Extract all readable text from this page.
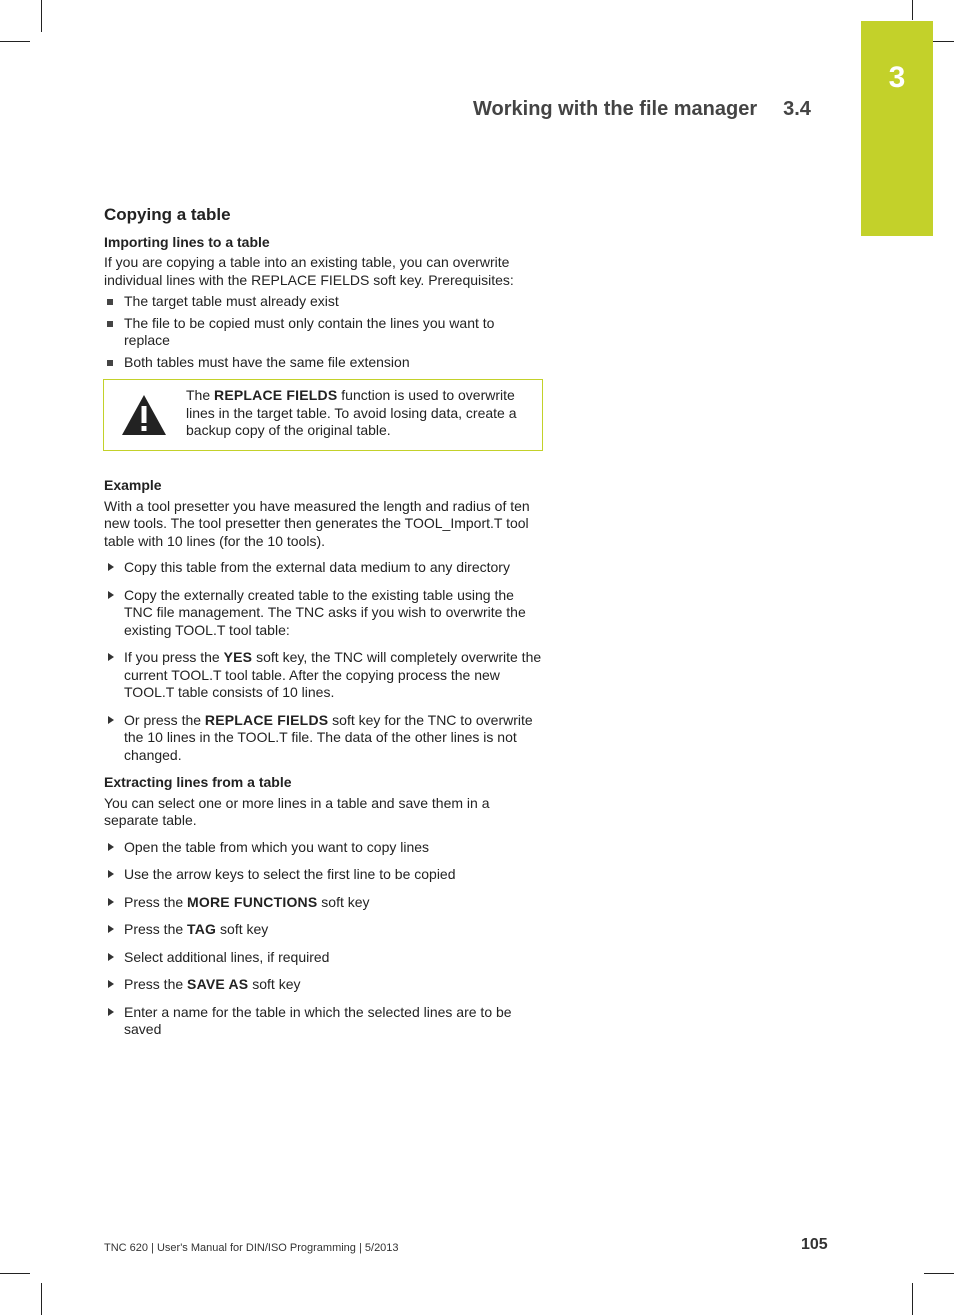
3
Working with the file manager 3.4
Copying a table
Importing lines to a table

If you are copying a table into an existing table, you can overwrite individual lines with the REPLACE FIELDS soft key. Prerequisites:

The target table must already exist
The file to be copied must only contain the lines you want to replace
Both tables must have the same file extension
The REPLACE FIELDS function is used to overwrite lines in the target table. To avoid losing data, create a backup copy of the original table.
Example

With a tool presetter you have measured the length and radius of ten new tools. The tool presetter then generates the TOOL_Import.T tool table with 10 lines (for the 10 tools).

Copy this table from the external data medium to any directory
Copy the externally created table to the existing table using the TNC file management. The TNC asks if you wish to overwrite the existing TOOL.T tool table:
If you press the YES soft key, the TNC will completely overwrite the current TOOL.T tool table. After the copying process the new TOOL.T table consists of 10 lines.
Or press the REPLACE FIELDS soft key for the TNC to overwrite the 10 lines in the TOOL.T file. The data of the other lines is not changed.
Extracting lines from a table

You can select one or more lines in a table and save them in a separate table.

Open the table from which you want to copy lines
Use the arrow keys to select the first line to be copied
Press the MORE FUNCTIONS soft key
Press the TAG soft key
Select additional lines, if required
Press the SAVE AS soft key
Enter a name for the table in which the selected lines are to be saved
TNC 620 | User's Manual for DIN/ISO Programming | 5/2013	105
